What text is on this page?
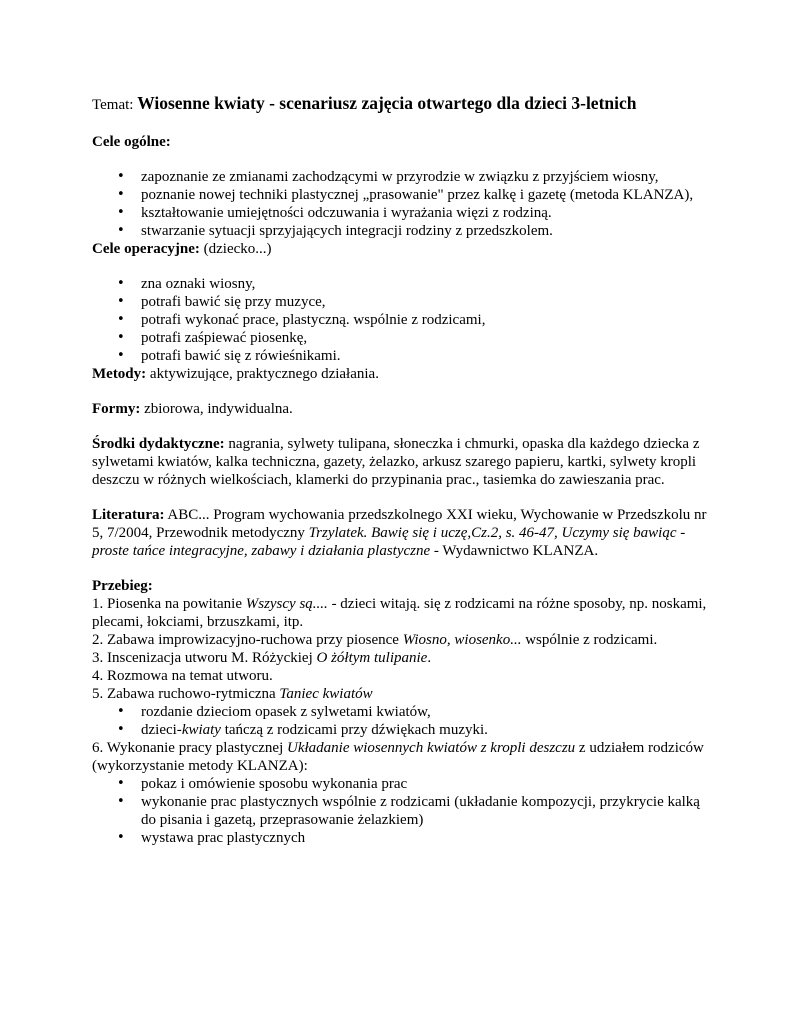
Temat: Wiosenne kwiaty - scenariusz zajęcia otwartego dla dzieci 3-letnich

Cele ogólne:

• zapoznanie ze zmianami zachodzącymi w przyrodzie w związku z przyjściem wiosny,
• poznanie nowej techniki plastycznej „prasowanie" przez kalkę i gazetę (metoda KLANZA),
• kształtowanie umiejętności odczuwania i wyrażania więzi z rodziną.
• stwarzanie sytuacji sprzyjających integracji rodziny z przedszkolem.

Cele operacyjne: (dziecko...)

• zna oznaki wiosny,
• potrafi bawić się przy muzyce,
• potrafi wykonać prace, plastyczną. wspólnie z rodzicami,
• potrafi zaśpiewać piosenkę,
• potrafi bawić się z rówieśnikami.

Metody: aktywizujące, praktycznego działania.

Formy: zbiorowa, indywidualna.

Środki dydaktyczne: nagrania, sylwety tulipana, słoneczka i chmurki, opaska dla każdego dziecka z sylwetami kwiatów, kalka techniczna, gazety, żelazko, arkusz szarego papieru, kartki, sylwety kropli deszczu w różnych wielkościach, klamerki do przypinania prac., tasiemka do zawieszania prac.

Literatura: ABC... Program wychowania przedszkolnego XXI wieku, Wychowanie w Przedszkolu nr 5, 7/2004, Przewodnik metodyczny Trzylatek. Bawię się i uczę,Cz.2, s. 46-47, Uczymy się bawiąc - proste tańce integracyjne, zabawy i działania plastyczne - Wydawnictwo KLANZA.

Przebieg:

1. Piosenka na powitanie Wszyscy są.... - dzieci witają. się z rodzicami na różne sposoby, np. noskami, plecami, łokciami, brzuszkami, itp.

2. Zabawa improwizacyjno-ruchowa przy piosence Wiosno, wiosenko... wspólnie z rodzicami.

3. Inscenizacja utworu M. Różyckiej O żółtym tulipanie.

4. Rozmowa na temat utworu.

5. Zabawa ruchowo-rytmiczna Taniec kwiatów

• rozdanie dzieciom opasek z sylwetami kwiatów,
• dzieci-kwiaty tańczą z rodzicami przy dźwiękach muzyki.

6. Wykonanie pracy plastycznej Układanie wiosennych kwiatów z kropli deszczu z udziałem rodziców (wykorzystanie metody KLANZA):

• pokaz i omówienie sposobu wykonania prac
• wykonanie prac plastycznych wspólnie z rodzicami (układanie kompozycji, przykrycie kalką do pisania i gazetą, przeprasowanie żelazkiem)
• wystawa prac plastycznych
